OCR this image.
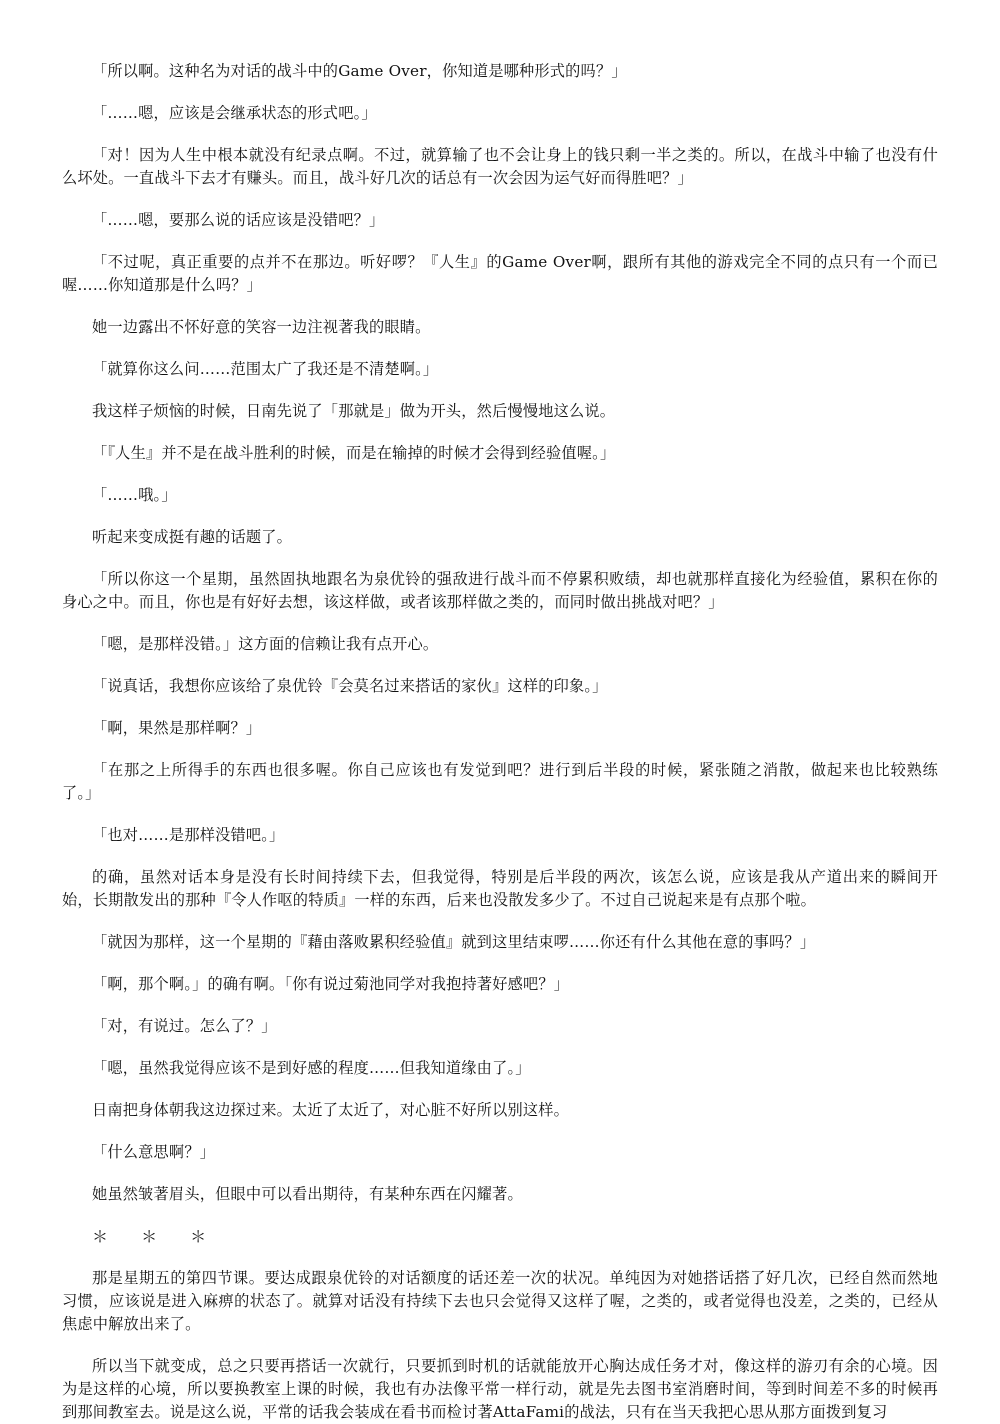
「所以啊。这种名为对话的战斗中的Game Over，你知道是哪种形式的吗？」

「……嗯，应该是会继承状态的形式吧。」

「对！因为人生中根本就没有纪录点啊。不过，就算输了也不会让身上的钱只剩一半之类的。所以，在战斗中输了也没有什么坏处。一直战斗下去才有赚头。而且，战斗好几次的话总有一次会因为运气好而得胜吧？」

「……嗯，要那么说的话应该是没错吧？」

「不过呢，真正重要的点并不在那边。听好啰？『人生』的Game Over啊，跟所有其他的游戏完全不同的点只有一个而已喔……你知道那是什么吗？」

她一边露出不怀好意的笑容一边注视著我的眼睛。

「就算你这么问……范围太广了我还是不清楚啊。」

我这样子烦恼的时候，日南先说了「那就是」做为开头，然后慢慢地这么说。

「『人生』并不是在战斗胜利的时候，而是在输掉的时候才会得到经验值喔。」

「……哦。」

听起来变成挺有趣的话题了。

「所以你这一个星期，虽然固执地跟名为泉优铃的强敌进行战斗而不停累积败绩，却也就那样直接化为经验值，累积在你的身心之中。而且，你也是有好好去想，该这样做，或者该那样做之类的，而同时做出挑战对吧？」

「嗯，是那样没错。」这方面的信赖让我有点开心。

「说真话，我想你应该给了泉优铃『会莫名过来搭话的家伙』这样的印象。」

「啊，果然是那样啊？」

「在那之上所得手的东西也很多喔。你自己应该也有发觉到吧？进行到后半段的时候，紧张随之消散，做起来也比较熟练了。」

「也对……是那样没错吧。」

的确，虽然对话本身是没有长时间持续下去，但我觉得，特别是后半段的两次，该怎么说，应该是我从产道出来的瞬间开始，长期散发出的那种『令人作呕的特质』一样的东西，后来也没散发多少了。不过自己说起来是有点那个啦。

「就因为那样，这一个星期的『藉由落败累积经验值』就到这里结束啰……你还有什么其他在意的事吗？」

「啊，那个啊。」的确有啊。「你有说过菊池同学对我抱持著好感吧？」

「对，有说过。怎么了？」

「嗯，虽然我觉得应该不是到好感的程度……但我知道缘由了。」

日南把身体朝我这边探过来。太近了太近了，对心脏不好所以别这样。

「什么意思啊？」

她虽然皱著眉头，但眼中可以看出期待，有某种东西在闪耀著。

＊ ＊ ＊

那是星期五的第四节课。要达成跟泉优铃的对话额度的话还差一次的状况。单纯因为对她搭话搭了好几次，已经自然而然地习惯，应该说是进入麻痹的状态了。就算对话没有持续下去也只会觉得又这样了喔，之类的，或者觉得也没差，之类的，已经从焦虑中解放出来了。

所以当下就变成，总之只要再搭话一次就行，只要抓到时机的话就能放开心胸达成任务才对，像这样的游刃有余的心境。因为是这样的心境，所以要换教室上课的时候，我也有办法像平常一样行动，就是先去图书室消磨时间，等到时间差不多的时候再到那间教室去。说是这么说，平常的话我会装成在看书而检讨著AttaFami的战法，只有在当天我把心思从那方面拨到复习
